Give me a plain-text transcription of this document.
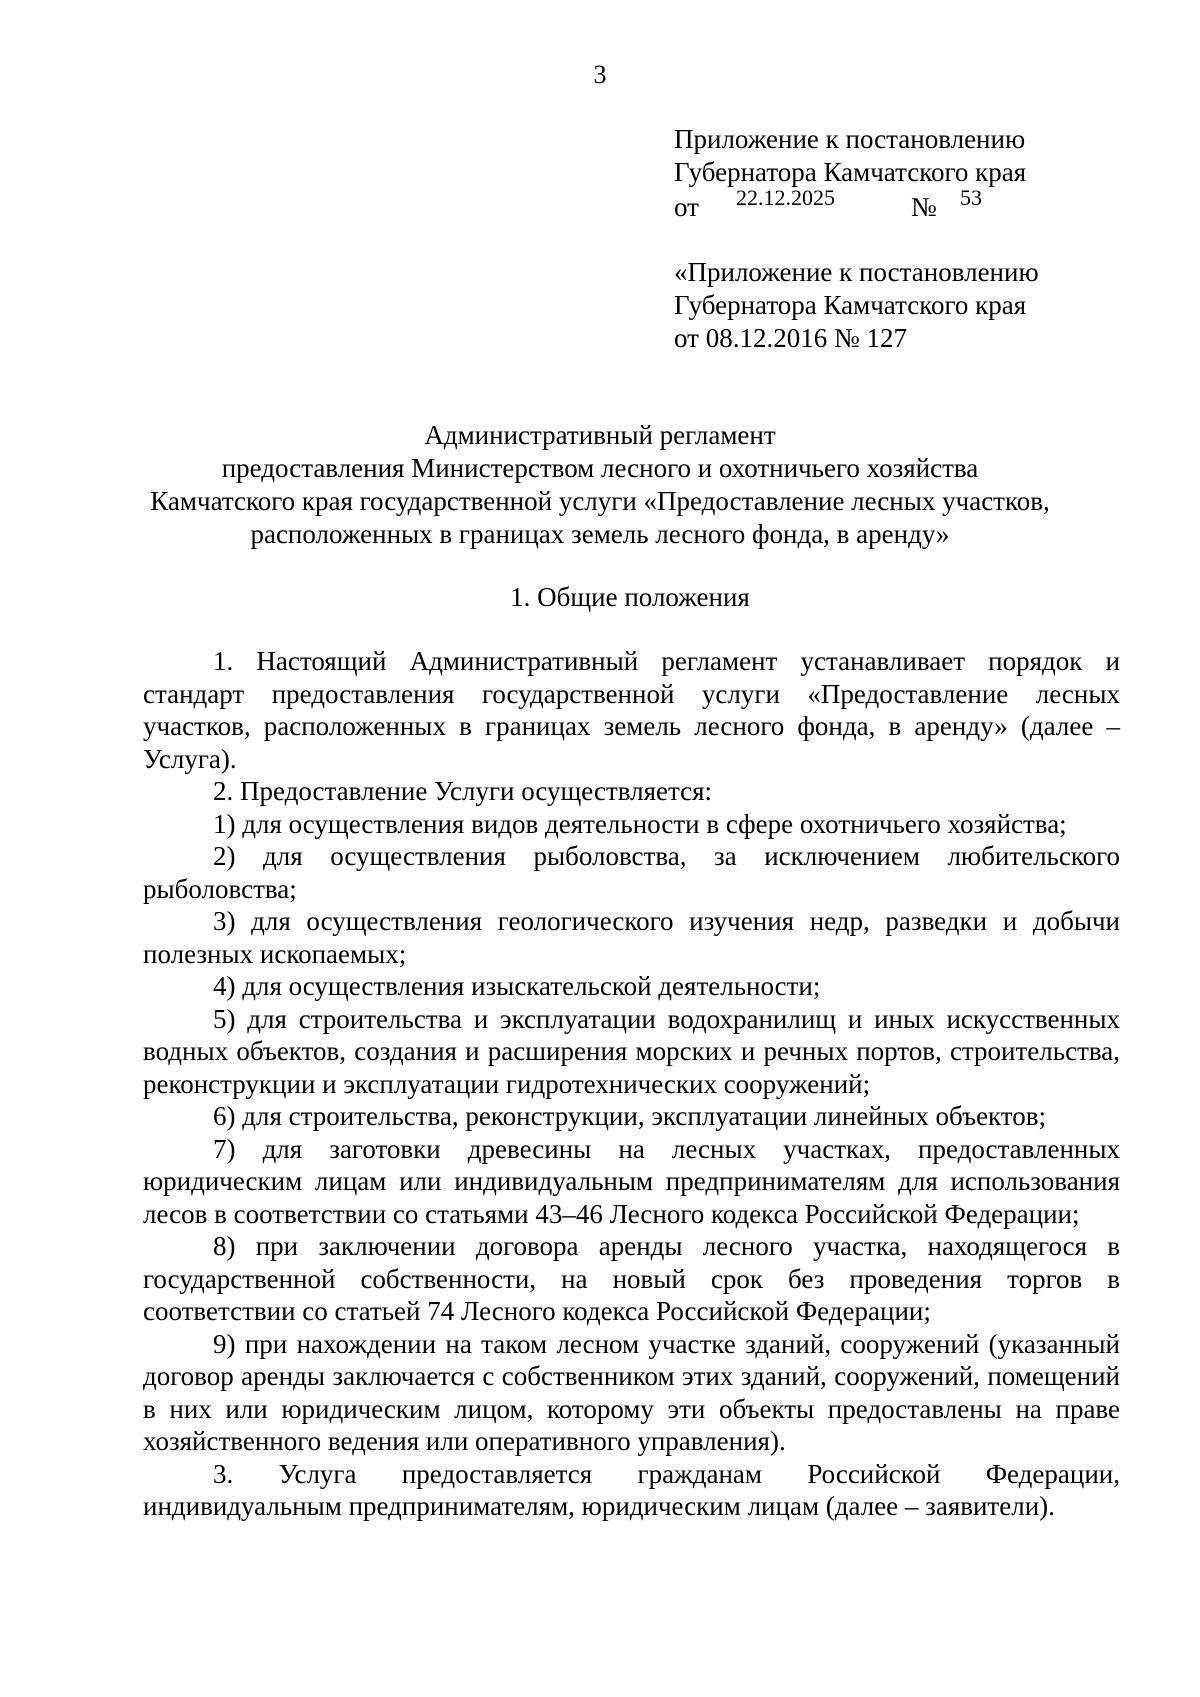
3
Приложение к постановлению
Губернатора Камчатского края
от 22.12.2025	№ 53
«Приложение к постановлению
Губернатора Камчатского края
от 08.12.2016 № 127
Административный регламент
предоставления Министерством лесного и охотничьего хозяйства
Камчатского края государственной услуги «Предоставление лесных участков,
расположенных в границах земель лесного фонда, в аренду»
1. Общие положения

1. Настоящий Административный регламент устанавливает порядок и стандарт предоставления государственной услуги «Предоставление лесных участков, расположенных в границах земель лесного фонда, в аренду» (далее – Услуга).

2. Предоставление Услуги осуществляется:

1) для осуществления видов деятельности в сфере охотничьего хозяйства;

2) для осуществления рыболовства, за исключением любительского рыболовства;

3) для осуществления геологического изучения недр, разведки и добычи полезных ископаемых;

4) для осуществления изыскательской деятельности;

5) для строительства и эксплуатации водохранилищ и иных искусственных водных объектов, создания и расширения морских и речных портов, строительства, реконструкции и эксплуатации гидротехнических сооружений;

6) для строительства, реконструкции, эксплуатации линейных объектов;

7) для заготовки древесины на лесных участках, предоставленных юридическим лицам или индивидуальным предпринимателям для использования лесов в соответствии со статьями 43–46 Лесного кодекса Российской Федерации;

8) при заключении договора аренды лесного участка, находящегося в государственной собственности, на новый срок без проведения торгов в соответствии со статьей 74 Лесного кодекса Российской Федерации;

9) при нахождении на таком лесном участке зданий, сооружений (указанный договор аренды заключается с собственником этих зданий, сооружений, помещений в них или юридическим лицом, которому эти объекты предоставлены на праве хозяйственного ведения или оперативного управления).

3. Услуга предоставляется гражданам Российской Федерации, индивидуальным предпринимателям, юридическим лицам (далее – заявители).
